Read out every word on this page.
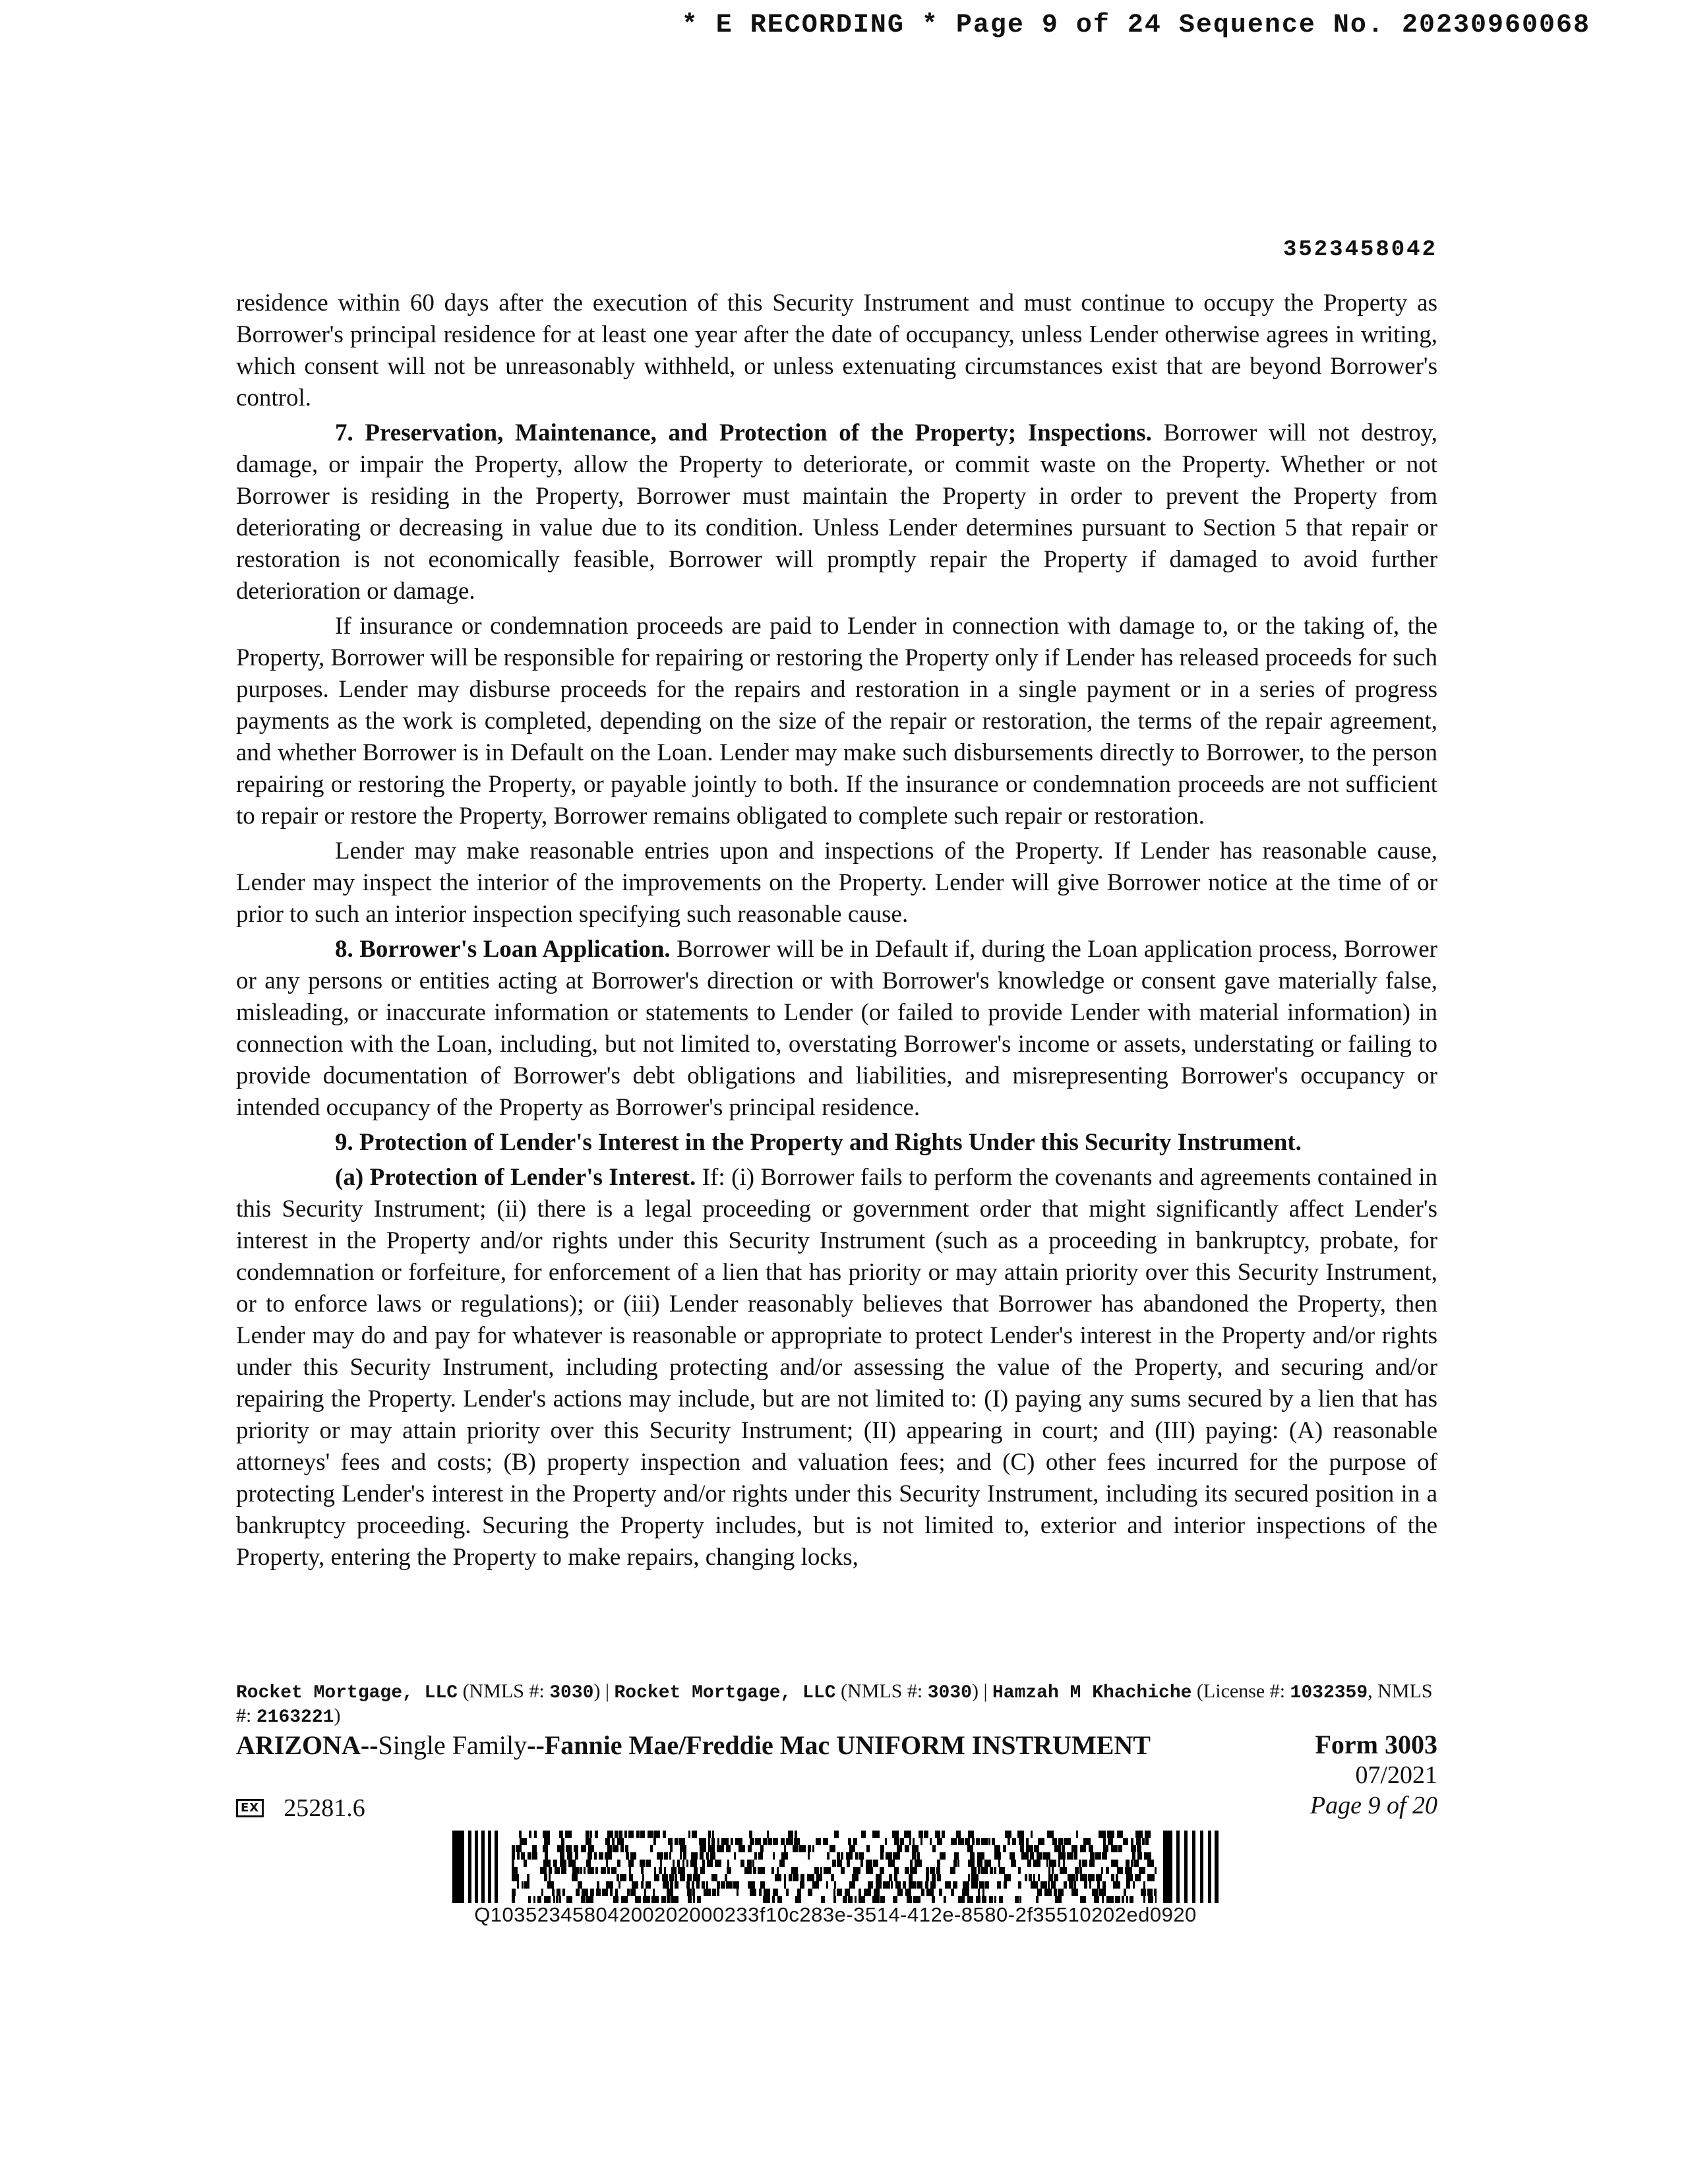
* E RECORDING * Page 9 of 24 Sequence No. 20230960068
3523458042

residence within 60 days after the execution of this Security Instrument and must continue to occupy the Property as Borrower's principal residence for at least one year after the date of occupancy, unless Lender otherwise agrees in writing, which consent will not be unreasonably withheld, or unless extenuating circumstances exist that are beyond Borrower's control.

7. Preservation, Maintenance, and Protection of the Property; Inspections. Borrower will not destroy, damage, or impair the Property, allow the Property to deteriorate, or commit waste on the Property. Whether or not Borrower is residing in the Property, Borrower must maintain the Property in order to prevent the Property from deteriorating or decreasing in value due to its condition. Unless Lender determines pursuant to Section 5 that repair or restoration is not economically feasible, Borrower will promptly repair the Property if damaged to avoid further deterioration or damage.

If insurance or condemnation proceeds are paid to Lender in connection with damage to, or the taking of, the Property, Borrower will be responsible for repairing or restoring the Property only if Lender has released proceeds for such purposes. Lender may disburse proceeds for the repairs and restoration in a single payment or in a series of progress payments as the work is completed, depending on the size of the repair or restoration, the terms of the repair agreement, and whether Borrower is in Default on the Loan. Lender may make such disbursements directly to Borrower, to the person repairing or restoring the Property, or payable jointly to both. If the insurance or condemnation proceeds are not sufficient to repair or restore the Property, Borrower remains obligated to complete such repair or restoration.

Lender may make reasonable entries upon and inspections of the Property. If Lender has reasonable cause, Lender may inspect the interior of the improvements on the Property. Lender will give Borrower notice at the time of or prior to such an interior inspection specifying such reasonable cause.

8. Borrower's Loan Application. Borrower will be in Default if, during the Loan application process, Borrower or any persons or entities acting at Borrower's direction or with Borrower's knowledge or consent gave materially false, misleading, or inaccurate information or statements to Lender (or failed to provide Lender with material information) in connection with the Loan, including, but not limited to, overstating Borrower's income or assets, understating or failing to provide documentation of Borrower's debt obligations and liabilities, and misrepresenting Borrower's occupancy or intended occupancy of the Property as Borrower's principal residence.

9. Protection of Lender's Interest in the Property and Rights Under this Security Instrument.

(a) Protection of Lender's Interest. If: (i) Borrower fails to perform the covenants and agreements contained in this Security Instrument; (ii) there is a legal proceeding or government order that might significantly affect Lender's interest in the Property and/or rights under this Security Instrument (such as a proceeding in bankruptcy, probate, for condemnation or forfeiture, for enforcement of a lien that has priority or may attain priority over this Security Instrument, or to enforce laws or regulations); or (iii) Lender reasonably believes that Borrower has abandoned the Property, then Lender may do and pay for whatever is reasonable or appropriate to protect Lender's interest in the Property and/or rights under this Security Instrument, including protecting and/or assessing the value of the Property, and securing and/or repairing the Property. Lender's actions may include, but are not limited to: (I) paying any sums secured by a lien that has priority or may attain priority over this Security Instrument; (II) appearing in court; and (III) paying: (A) reasonable attorneys' fees and costs; (B) property inspection and valuation fees; and (C) other fees incurred for the purpose of protecting Lender's interest in the Property and/or rights under this Security Instrument, including its secured position in a bankruptcy proceeding. Securing the Property includes, but is not limited to, exterior and interior inspections of the Property, entering the Property to make repairs, changing locks,

Rocket Mortgage, LLC (NMLS #: 3030) | Rocket Mortgage, LLC (NMLS #: 3030) | Hamzah M Khachiche (License #: 1032359, NMLS #: 2163221)
ARIZONA--Single Family--Fannie Mae/Freddie Mac UNIFORM INSTRUMENT	Form 3003
07/2021
Page 9 of 20
EX 25281.6
Q10352345804200202000233f10c283e-3514-412e-8580-2f35510202ed0920
